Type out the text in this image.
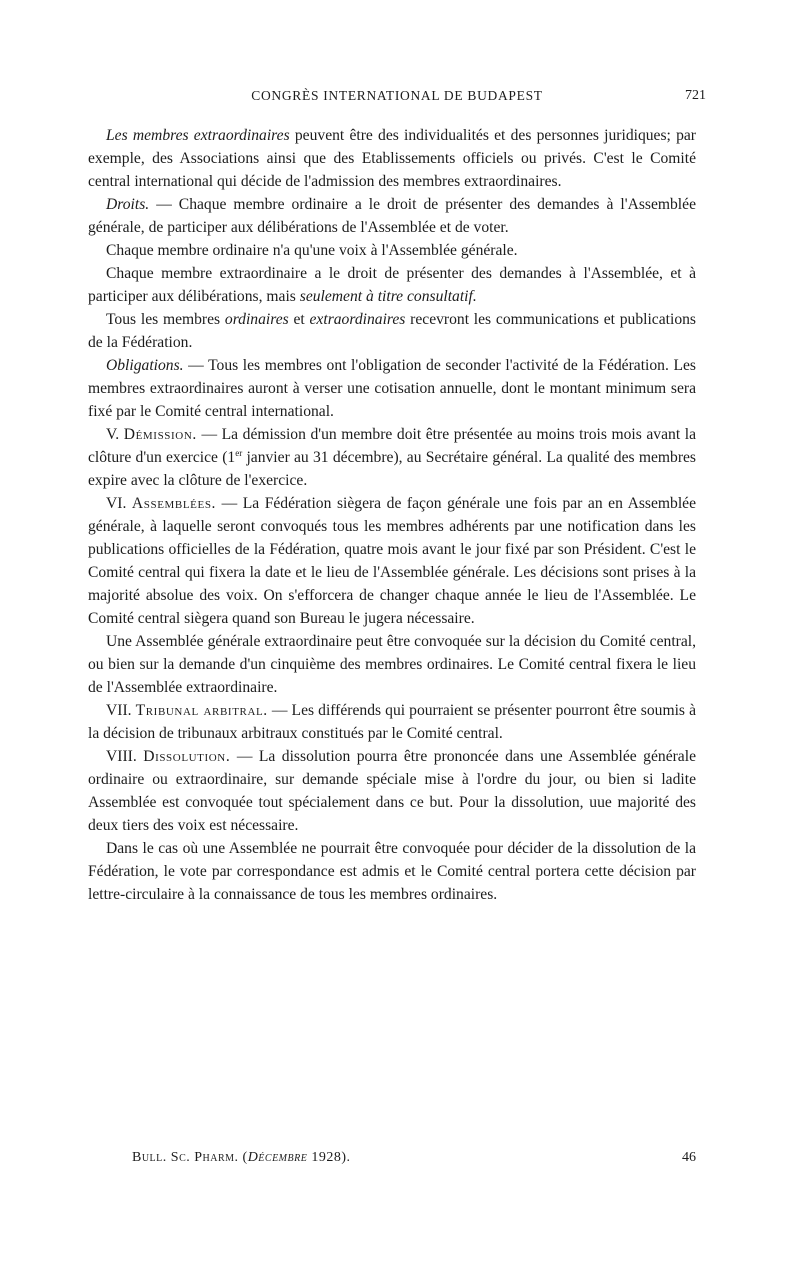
CONGRÈS INTERNATIONAL DE BUDAPEST	721

Les membres extraordinaires peuvent être des individualités et des personnes juridiques; par exemple, des Associations ainsi que des Etablissements officiels ou privés. C'est le Comité central international qui décide de l'admission des membres extraordinaires.

Droits. — Chaque membre ordinaire a le droit de présenter des demandes à l'Assemblée générale, de participer aux délibérations de l'Assemblée et de voter.

Chaque membre ordinaire n'a qu'une voix à l'Assemblée générale.

Chaque membre extraordinaire a le droit de présenter des demandes à l'Assemblée, et à participer aux délibérations, mais seulement à titre consultatif.

Tous les membres ordinaires et extraordinaires recevront les communications et publications de la Fédération.

Obligations. — Tous les membres ont l'obligation de seconder l'activité de la Fédération. Les membres extraordinaires auront à verser une cotisation annuelle, dont le montant minimum sera fixé par le Comité central international.

V. Démission. — La démission d'un membre doit être présentée au moins trois mois avant la clôture d'un exercice (1er janvier au 31 décembre), au Secrétaire général. La qualité des membres expire avec la clôture de l'exercice.

VI. Assemblées. — La Fédération siègera de façon générale une fois par an en Assemblée générale, à laquelle seront convoqués tous les membres adhérents par une notification dans les publications officielles de la Fédération, quatre mois avant le jour fixé par son Président. C'est le Comité central qui fixera la date et le lieu de l'Assemblée générale. Les décisions sont prises à la majorité absolue des voix. On s'efforcera de changer chaque année le lieu de l'Assemblée. Le Comité central siègera quand son Bureau le jugera nécessaire.

Une Assemblée générale extraordinaire peut être convoquée sur la décision du Comité central, ou bien sur la demande d'un cinquième des membres ordinaires. Le Comité central fixera le lieu de l'Assemblée extraordinaire.

VII. Tribunal arbitral. — Les différends qui pourraient se présenter pourront être soumis à la décision de tribunaux arbitraux constitués par le Comité central.

VIII. Dissolution. — La dissolution pourra être prononcée dans une Assemblée générale ordinaire ou extraordinaire, sur demande spéciale mise à l'ordre du jour, ou bien si ladite Assemblée est convoquée tout spécialement dans ce but. Pour la dissolution, uue majorité des deux tiers des voix est nécessaire.

Dans le cas où une Assemblée ne pourrait être convoquée pour décider de la dissolution de la Fédération, le vote par correspondance est admis et le Comité central portera cette décision par lettre-circulaire à la connaissance de tous les membres ordinaires.

Bull. Sc. Pharm. (Décembre 1928).	46
